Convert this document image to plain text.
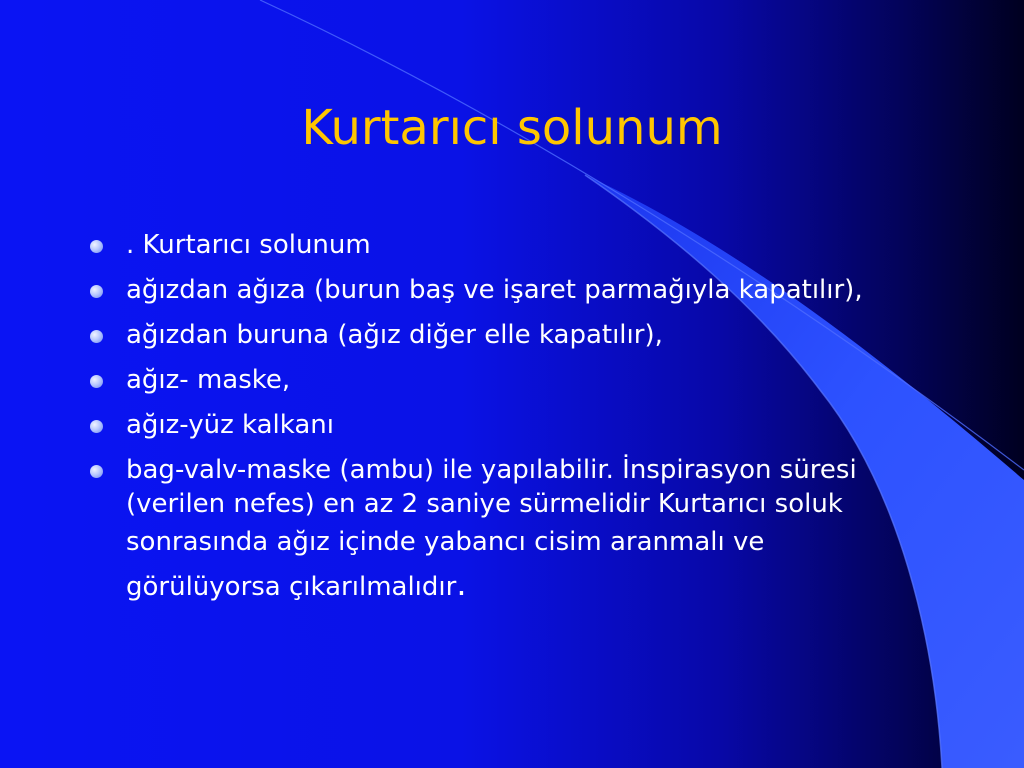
Kurtarıcı solunum
. Kurtarıcı solunum
ağızdan ağıza (burun baş ve işaret parmağıyla kapatılır),
ağızdan buruna (ağız diğer elle kapatılır),
ağız- maske,
ağız-yüz kalkanı
bag-valv-maske (ambu) ile yapılabilir. İnspirasyon süresi (verilen nefes) en az 2 saniye sürmelidir Kurtarıcı soluk sonrasında ağız içinde yabancı cisim aranmalı ve görülüyorsa çıkarılmalıdır.
